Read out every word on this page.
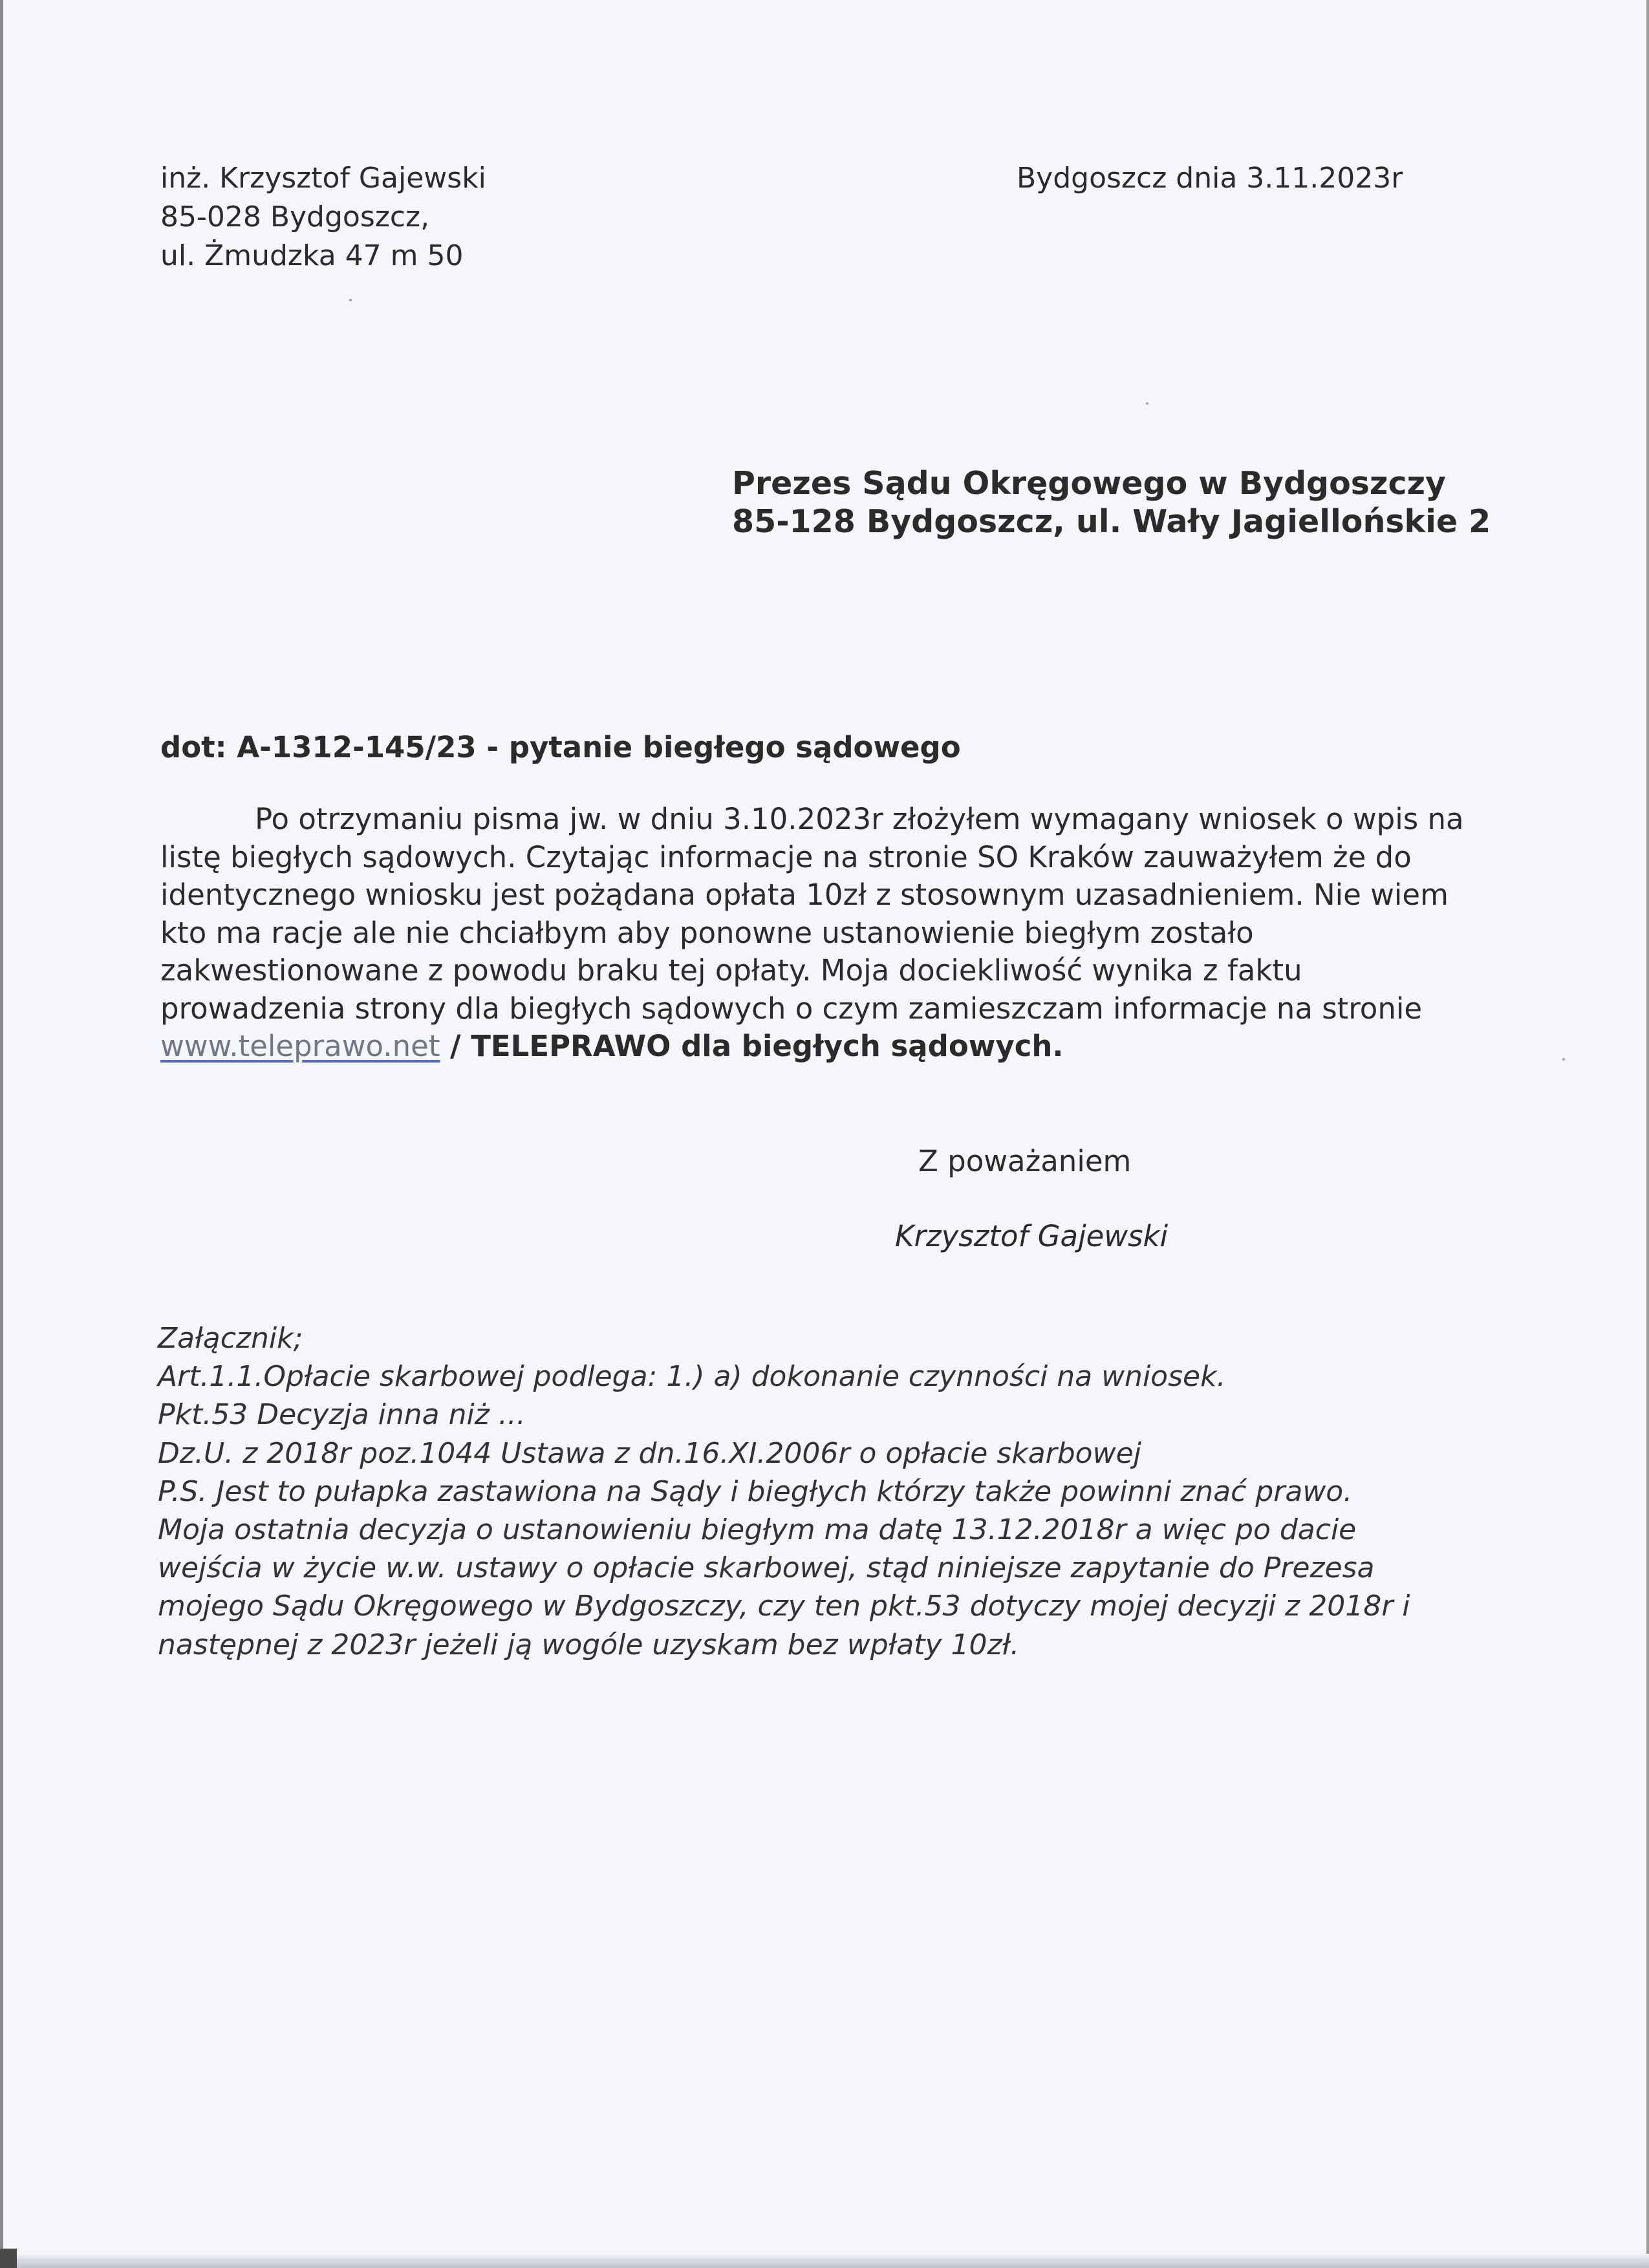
inż. Krzysztof Gajewski
85-028 Bydgoszcz,
ul. Żmudzka 47 m 50
Bydgoszcz dnia 3.11.2023r
Prezes Sądu Okręgowego w Bydgoszczy
85-128 Bydgoszcz, ul. Wały Jagiellońskie 2
dot: A-1312-145/23 - pytanie biegłego sądowego
Po otrzymaniu pisma jw. w dniu 3.10.2023r złożyłem wymagany wniosek o wpis na
listę biegłych sądowych. Czytając informacje na stronie SO Kraków zauważyłem że do
identycznego wniosku jest pożądana opłata 10zł z stosownym uzasadnieniem. Nie wiem
kto ma racje ale nie chciałbym aby ponowne ustanowienie biegłym zostało
zakwestionowane z powodu braku tej opłaty. Moja dociekliwość wynika z faktu
prowadzenia strony dla biegłych sądowych o czym zamieszczam informacje na stronie
www.teleprawo.net / TELEPRAWO dla biegłych sądowych.
Z poważaniem
Krzysztof Gajewski
Załącznik;
Art.1.1.Opłacie skarbowej podlega: 1.) a) dokonanie czynności na wniosek.
Pkt.53 Decyzja inna niż ...
Dz.U. z 2018r poz.1044 Ustawa z dn.16.XI.2006r o opłacie skarbowej
P.S. Jest to pułapka zastawiona na Sądy i biegłych którzy także powinni znać prawo.
Moja ostatnia decyzja o ustanowieniu biegłym ma datę 13.12.2018r a więc po dacie
wejścia w życie w.w. ustawy o opłacie skarbowej, stąd niniejsze zapytanie do Prezesa
mojego Sądu Okręgowego w Bydgoszczy, czy ten pkt.53 dotyczy mojej decyzji z 2018r i
następnej z 2023r jeżeli ją wogóle uzyskam bez wpłaty 10zł.
